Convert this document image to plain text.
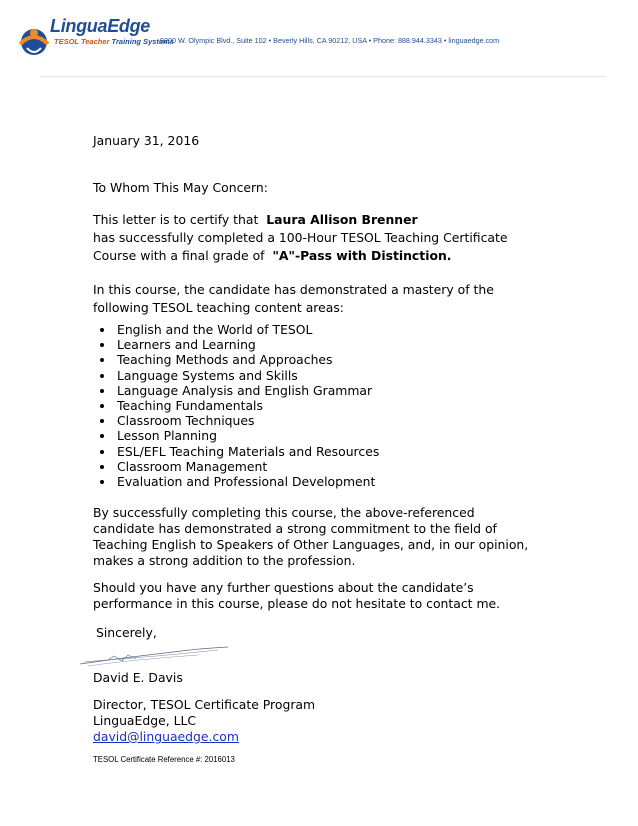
LinguaEdge
TESOL Teacher Training Systems
9200 W. Olympic Blvd., Suite 102 • Beverly Hills, CA 90212, USA • Phone: 888.944.3343 • linguaedge.com
January 31, 2016
To Whom This May Concern:
This letter is to certify that Laura Allison Brenner
has successfully completed a 100-Hour TESOL Teaching Certificate
Course with a final grade of "A"-Pass with Distinction.
In this course, the candidate has demonstrated a mastery of the
following TESOL teaching content areas:
English and the World of TESOL
Learners and Learning
Teaching Methods and Approaches
Language Systems and Skills
Language Analysis and English Grammar
Teaching Fundamentals
Classroom Techniques
Lesson Planning
ESL/EFL Teaching Materials and Resources
Classroom Management
Evaluation and Professional Development
By successfully completing this course, the above-referenced
candidate has demonstrated a strong commitment to the field of
Teaching English to Speakers of Other Languages, and, in our opinion,
makes a strong addition to the profession.
Should you have any further questions about the candidate’s
performance in this course, please do not hesitate to contact me.
Sincerely,
David E. Davis
Director, TESOL Certificate Program
LinguaEdge, LLC
david@linguaedge.com
TESOL Certificate Reference #: 2016013
